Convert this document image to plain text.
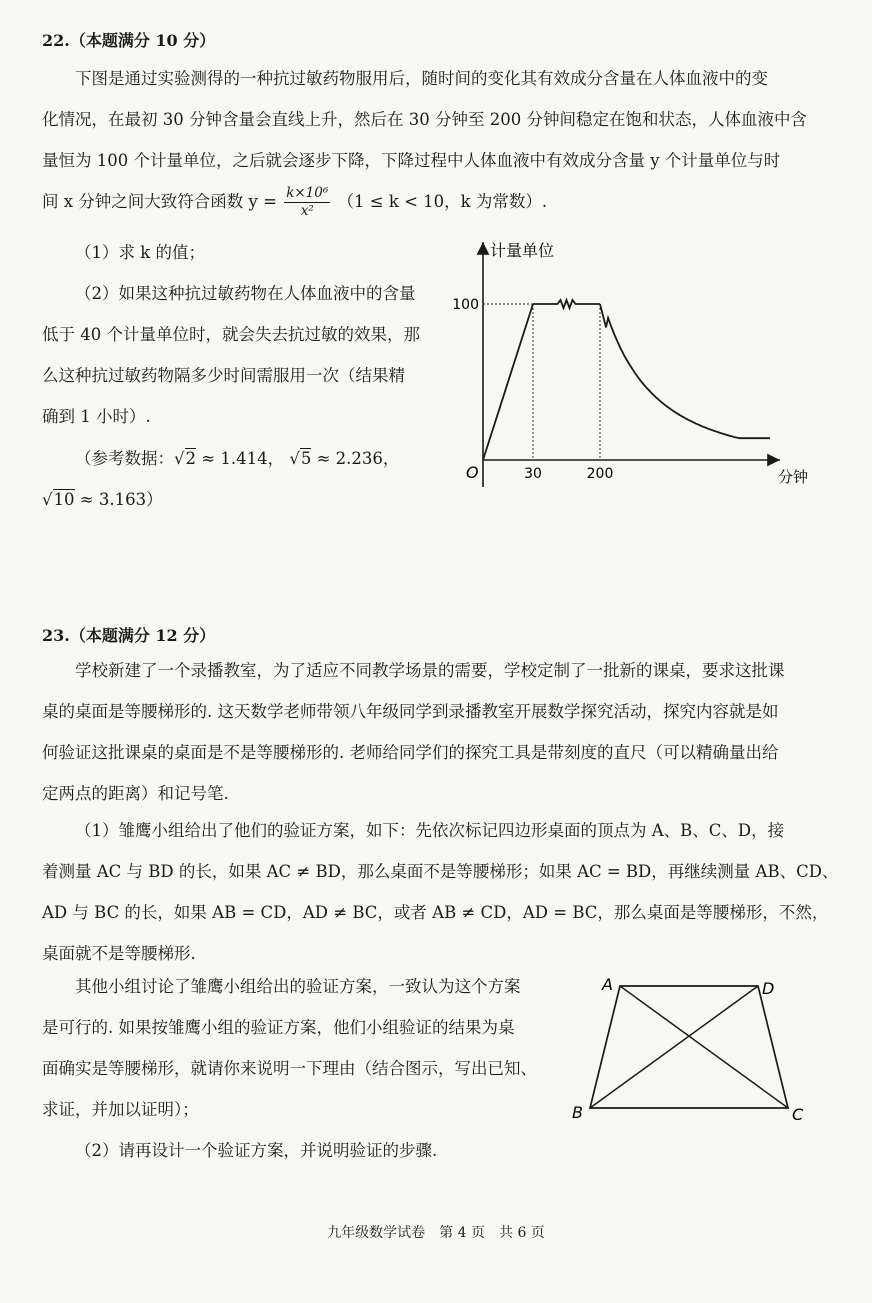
22.（本题满分 10 分）
下图是通过实验测得的一种抗过敏药物服用后，随时间的变化其有效成分含量在人体血液中的变
化情况，在最初 30 分钟含量会直线上升，然后在 30 分钟至 200 分钟间稳定在饱和状态，人体血液中含
量恒为 100 个计量单位，之后就会逐步下降，下降过程中人体血液中有效成分含量 y 个计量单位与时
间 x 分钟之间大致符合函数 $y = \frac{\text{k×10⁶}}{\text{x²}} (1 \le k < 10$，k 为常数）.
（1）求 k 的值；
（2）如果这种抗过敏药物在人体血液中的含量
低于 40 个计量单位时，就会失去抗过敏的效果，那
么这种抗过敏药物隔多少时间需服用一次（结果精
确到 1 小时）.
（参考数据：√2 ≈ 1.414， √5 ≈ 2.236，
√10 ≈ 3.163）
计量单位
分钟
O
100
30	200
23.（本题满分 12 分）
学校新建了一个录播教室，为了适应不同教学场景的需要，学校定制了一批新的课桌，要求这批课
桌的桌面是等腰梯形的. 这天数学老师带领八年级同学到录播教室开展数学探究活动，探究内容就是如
何验证这批课桌的桌面是不是等腰梯形的. 老师给同学们的探究工具是带刻度的直尺（可以精确量出给
定两点的距离）和记号笔.
（1）雏鹰小组给出了他们的验证方案，如下：先依次标记四边形桌面的顶点为 A、B、C、D，接
着测量 AC 与 BD 的长，如果 AC ≠ BD，那么桌面不是等腰梯形；如果 AC = BD，再继续测量 AB、CD、
AD 与 BC 的长，如果 AB = CD，AD ≠ BC，或者 AB ≠ CD，AD = BC，那么桌面是等腰梯形，不然，
桌面就不是等腰梯形.
其他小组讨论了雏鹰小组给出的验证方案，一致认为这个方案
是可行的. 如果按雏鹰小组的验证方案，他们小组验证的结果为桌
面确实是等腰梯形，就请你来说明一下理由（结合图示，写出已知、
求证，并加以证明）；
（2）请再设计一个验证方案，并说明验证的步骤.
A	D
B	C
九年级数学试卷　第 4 页　共 6 页
